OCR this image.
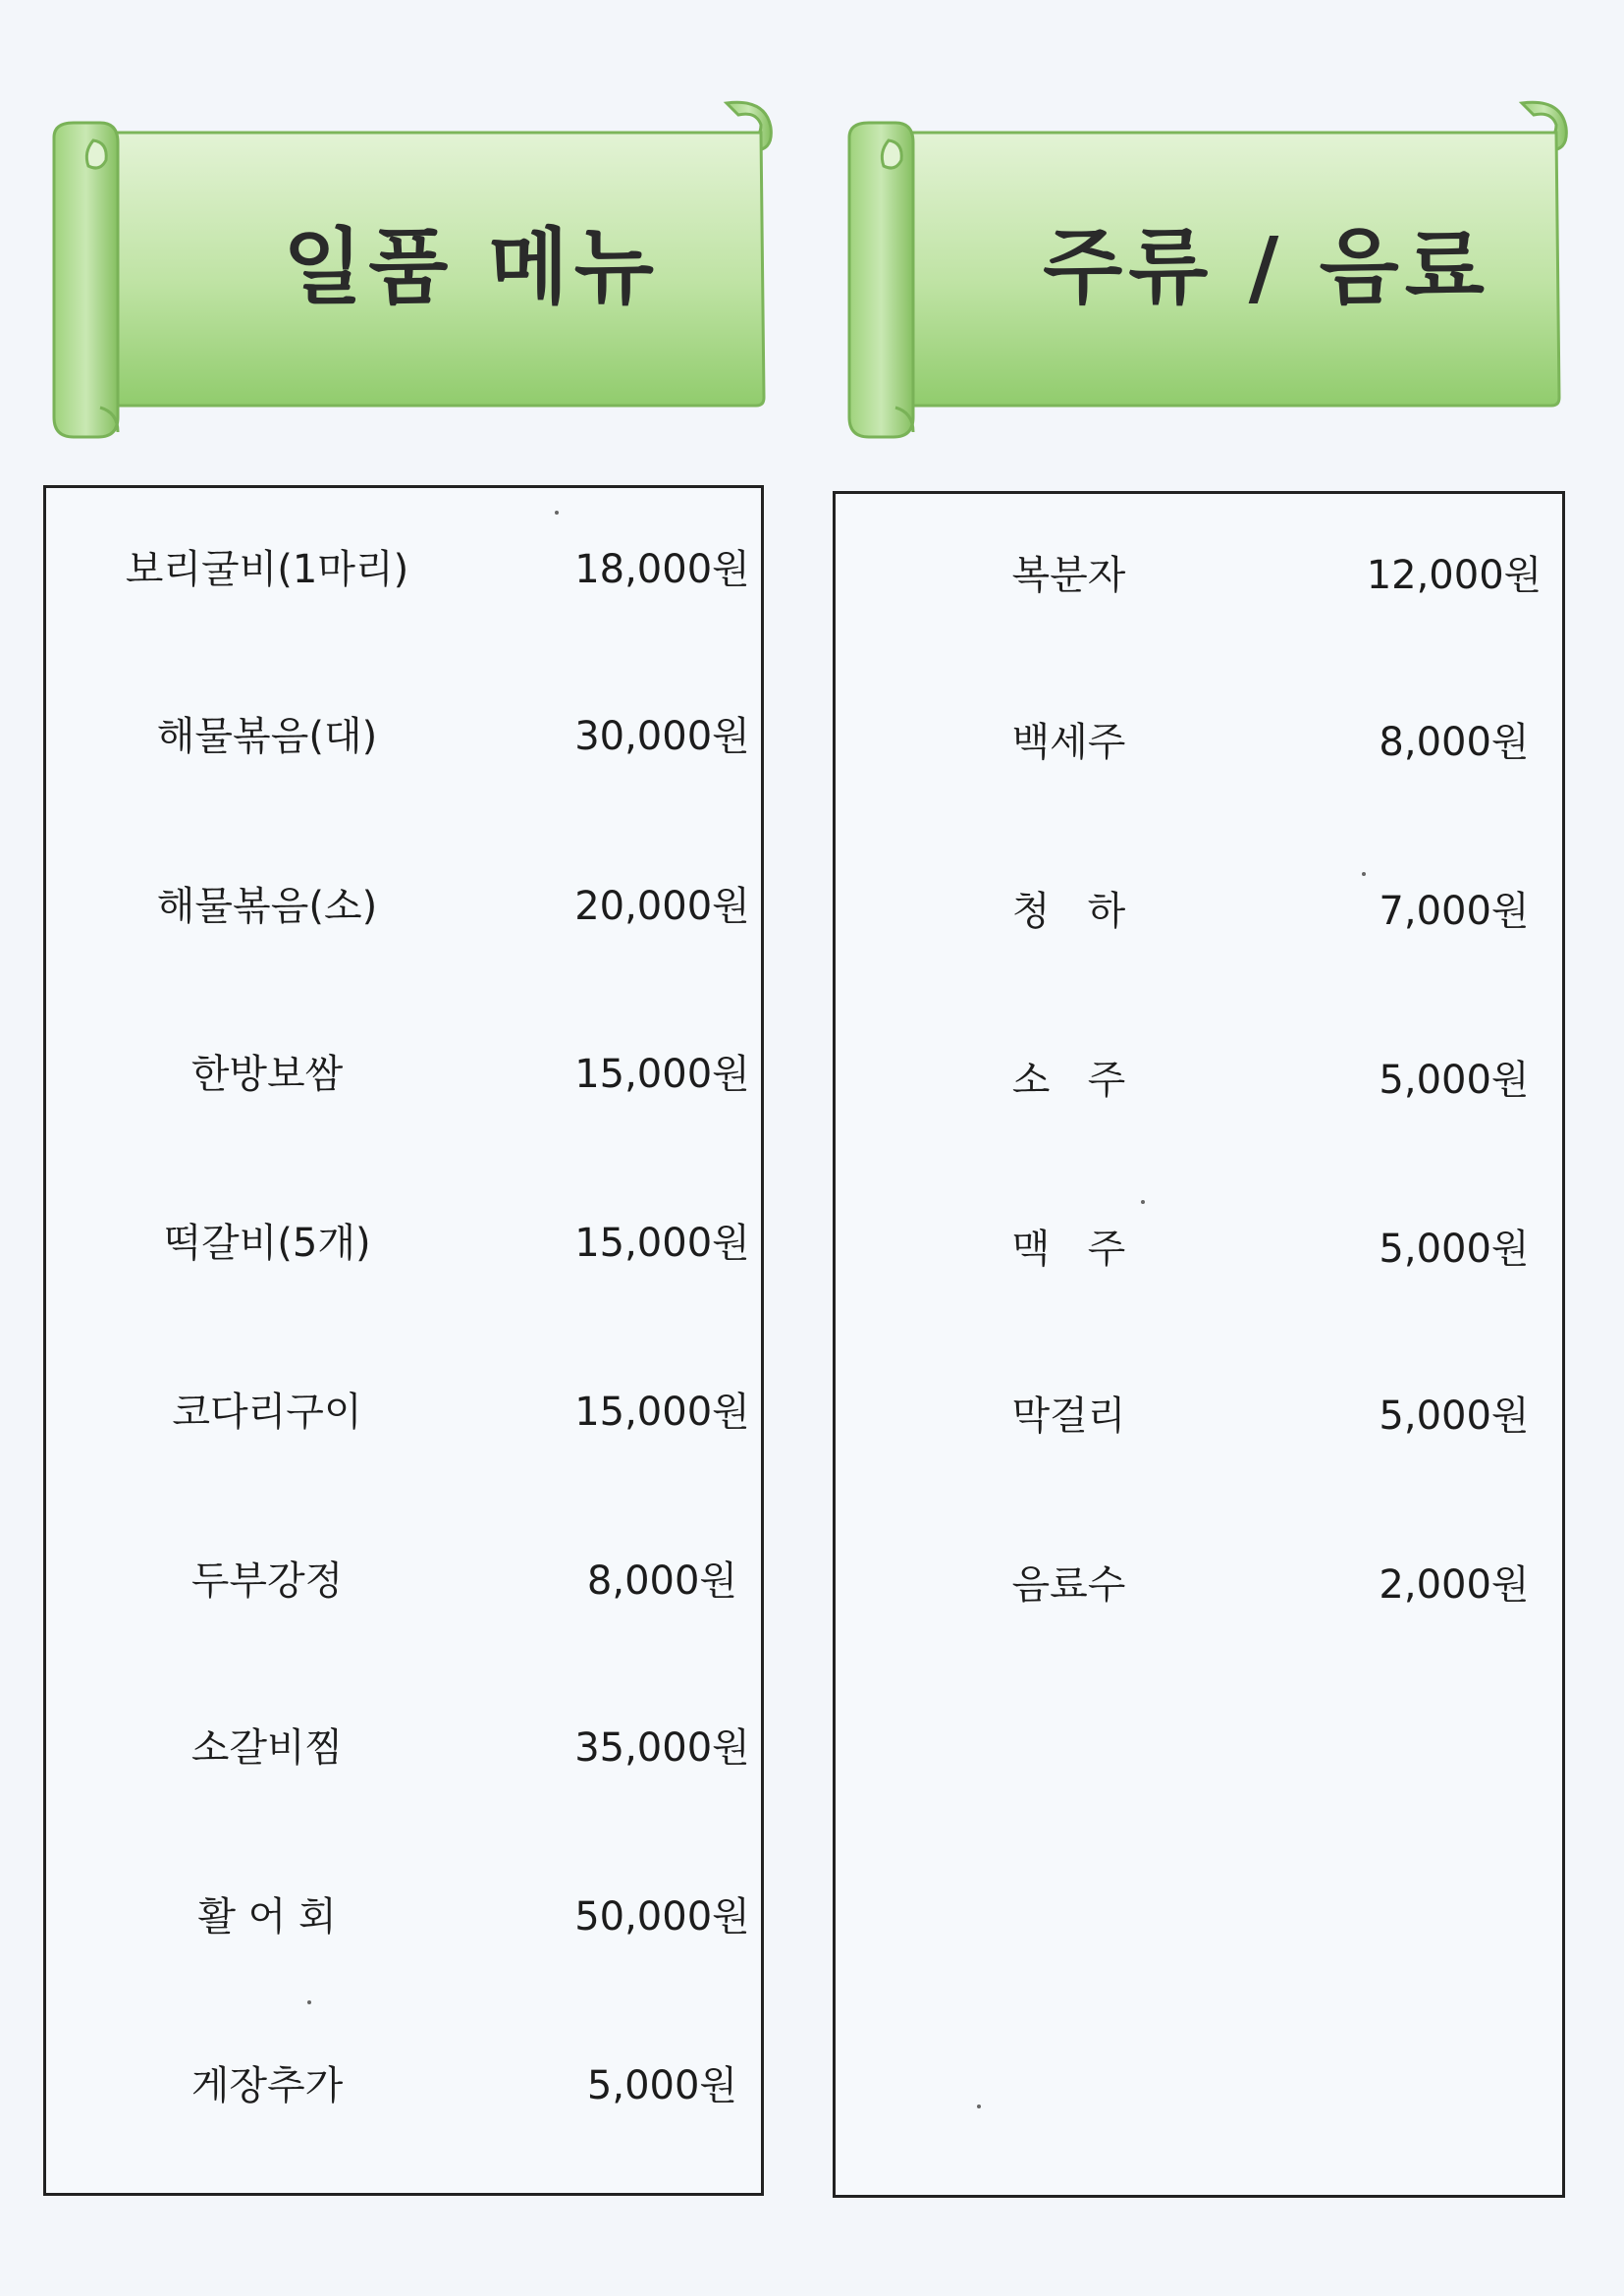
일품 메뉴	주류 / 음료
보리굴비(1마리)	18,000원
해물볶음(대)	30,000원
해물볶음(소)	20,000원
한방보쌈	15,000원
떡갈비(5개)	15,000원
코다리구이	15,000원
두부강정	8,000원
소갈비찜	35,000원
활 어 회	50,000원
게장추가	5,000원
복분자	12,000원
백세주	8,000원
청   하	7,000원
소   주	5,000원
맥   주	5,000원
막걸리	5,000원
음료수	2,000원
